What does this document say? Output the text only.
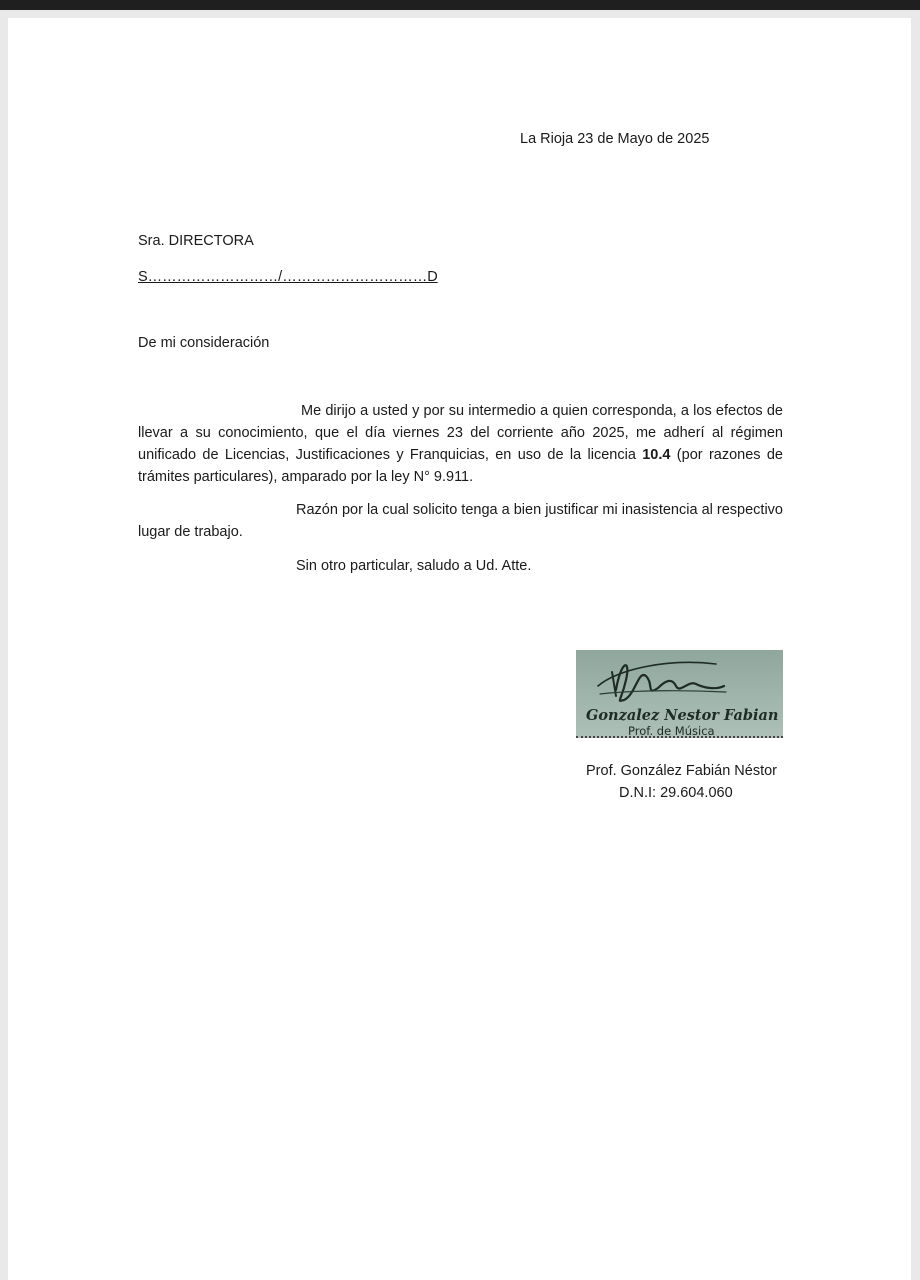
La Rioja 23 de Mayo de 2025
Sra. DIRECTORA
S………………………/…………………………D
De mi consideración
Me dirijo a usted y por su intermedio a quien corresponda, a los efectos de llevar a su conocimiento, que el día viernes 23 del corriente año 2025, me adherí al régimen unificado de Licencias, Justificaciones y Franquicias, en uso de la licencia 10.4 (por razones de trámites particulares), amparado por la ley N° 9.911.
Razón por la cual solicito tenga a bien justificar mi inasistencia al respectivo lugar de trabajo.
Sin otro particular, saludo a Ud. Atte.
Gonzalez Nestor Fabian
Prof. de Música
Prof. González Fabián Néstor
D.N.I: 29.604.060
